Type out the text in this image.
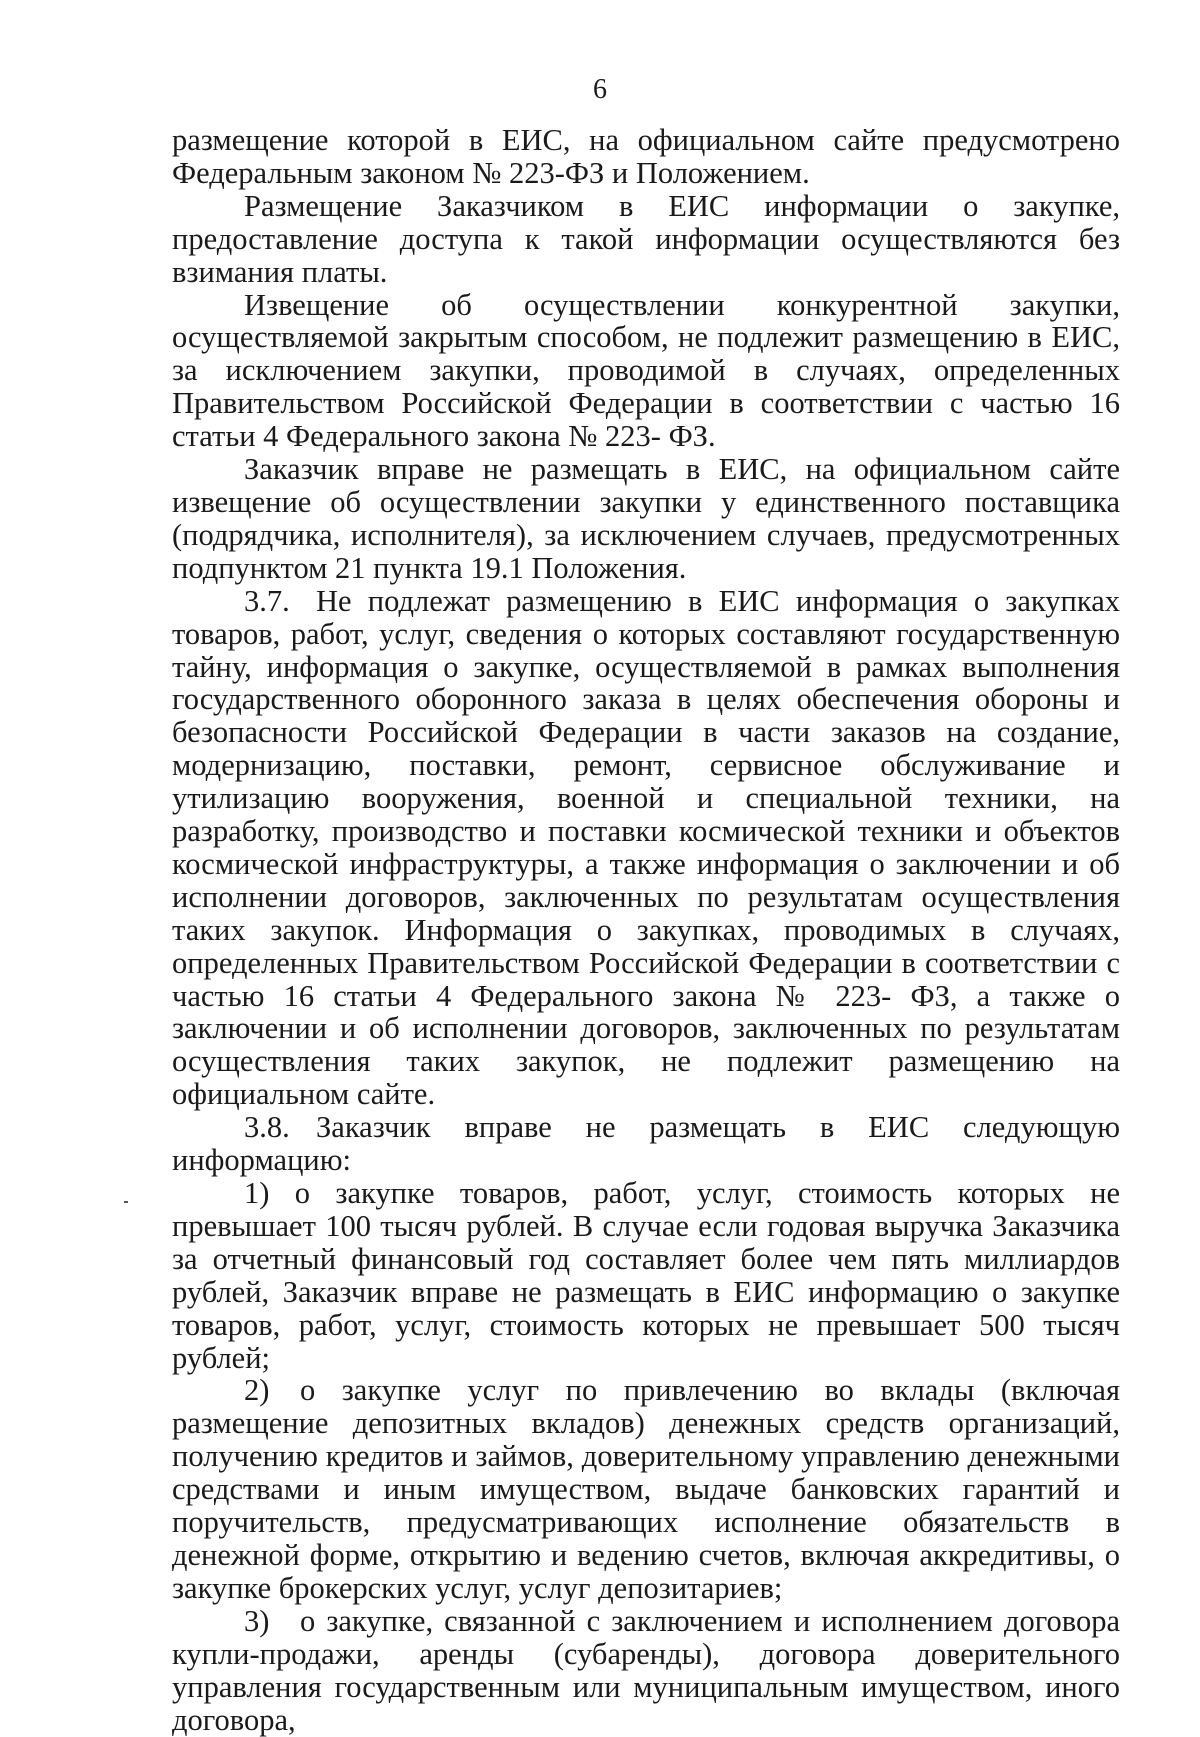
6

размещение которой в ЕИС, на официальном сайте предусмотрено Федеральным законом № 223-ФЗ и Положением.

Размещение Заказчиком в ЕИС информации о закупке, предоставление доступа к такой информации осуществляются без взимания платы.

Извещение об осуществлении конкурентной закупки, осуществляемой закрытым способом, не подлежит размещению в ЕИС, за исключением закупки, проводимой в случаях, определенных Правительством Российской Федерации в соответствии с частью 16 статьи 4 Федерального закона № 223- ФЗ.

Заказчик вправе не размещать в ЕИС, на официальном сайте извещение об осуществлении закупки у единственного поставщика (подрядчика, исполнителя), за исключением случаев, предусмотренных подпунктом 21 пункта 19.1 Положения.

3.7. Не подлежат размещению в ЕИС информация о закупках товаров, работ, услуг, сведения о которых составляют государственную тайну, информация о закупке, осуществляемой в рамках выполнения государственного оборонного заказа в целях обеспечения обороны и безопасности Российской Федерации в части заказов на создание, модернизацию, поставки, ремонт, сервисное обслуживание и утилизацию вооружения, военной и специальной техники, на разработку, производство и поставки космической техники и объектов космической инфраструктуры, а также информация о заключении и об исполнении договоров, заключенных по результатам осуществления таких закупок. Информация о закупках, проводимых в случаях, определенных Правительством Российской Федерации в соответствии с частью 16 статьи 4 Федерального закона № 223- ФЗ, а также о заключении и об исполнении договоров, заключенных по результатам осуществления таких закупок, не подлежит размещению на официальном сайте.

3.8. Заказчик вправе не размещать в ЕИС следующую информацию:

1) о закупке товаров, работ, услуг, стоимость которых не превышает 100 тысяч рублей. В случае если годовая выручка Заказчика за отчетный финансовый год составляет более чем пять миллиардов рублей, Заказчик вправе не размещать в ЕИС информацию о закупке товаров, работ, услуг, стоимость которых не превышает 500 тысяч рублей;

2) о закупке услуг по привлечению во вклады (включая размещение депозитных вкладов) денежных средств организаций, получению кредитов и займов, доверительному управлению денежными средствами и иным имуществом, выдаче банковских гарантий и поручительств, предусматривающих исполнение обязательств в денежной форме, открытию и ведению счетов, включая аккредитивы, о закупке брокерских услуг, услуг депозитариев;

3) о закупке, связанной с заключением и исполнением договора купли-продажи, аренды (субаренды), договора доверительного управления государственным или муниципальным имуществом, иного договора,
